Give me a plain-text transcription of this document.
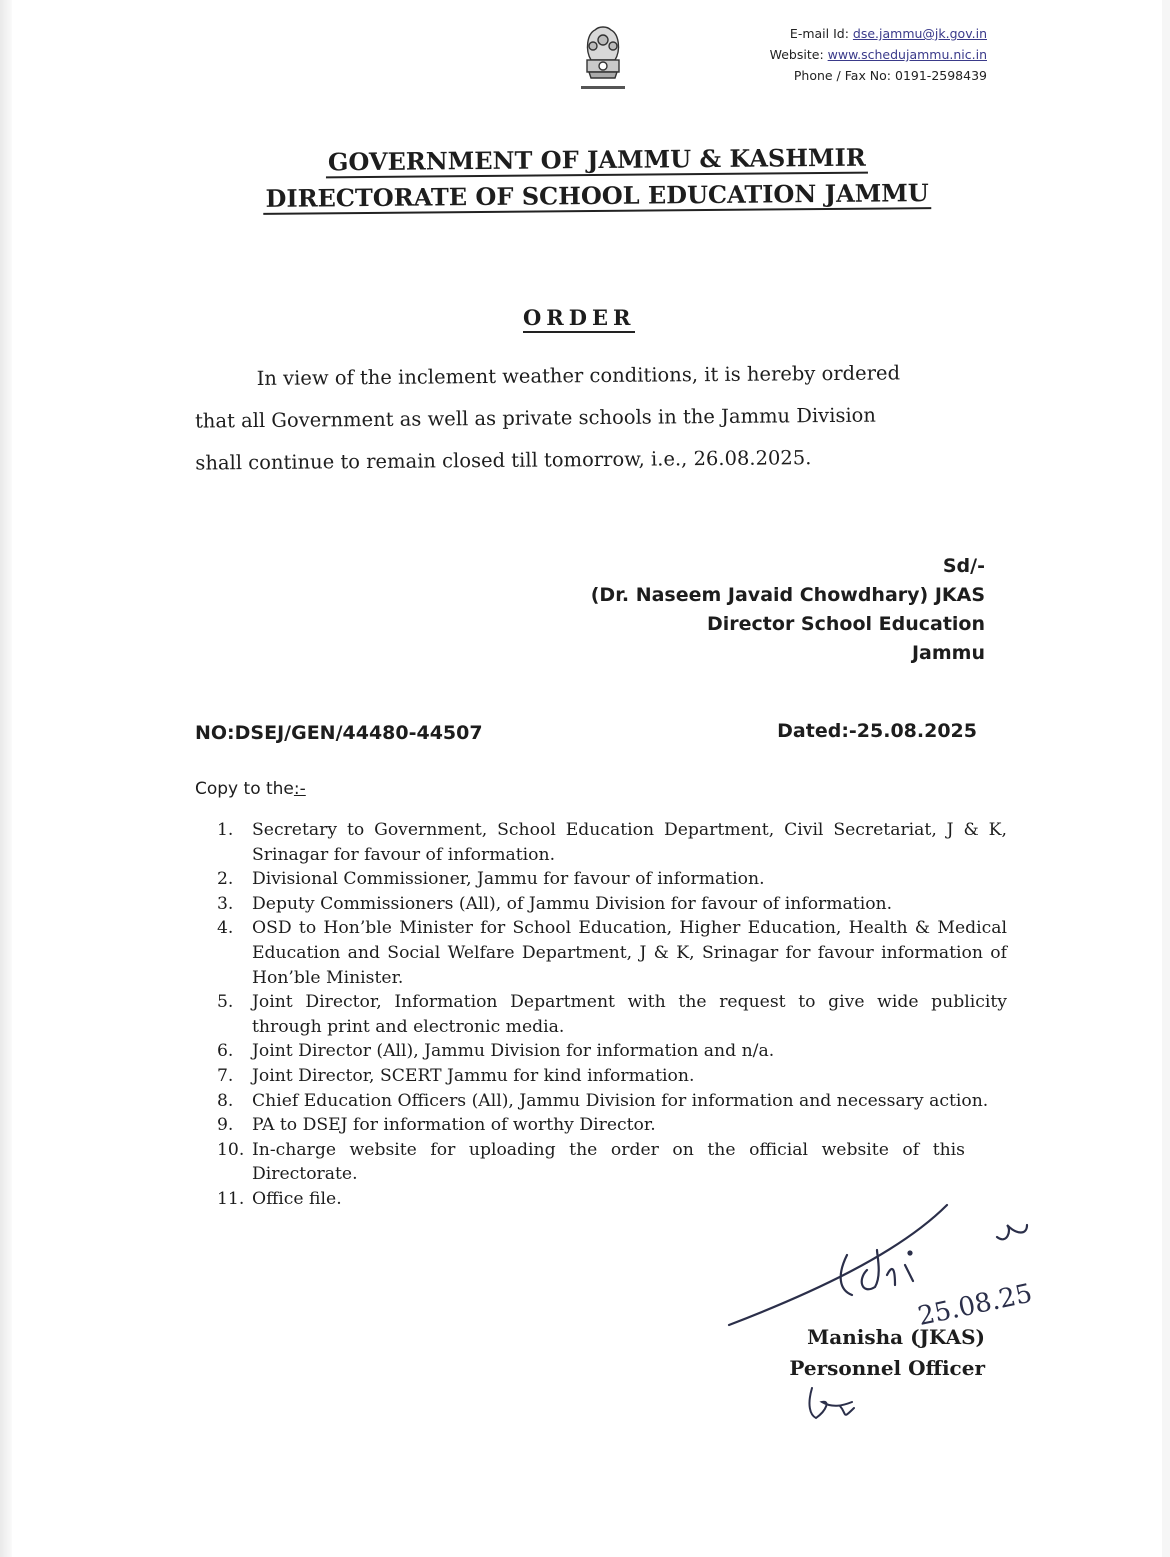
E-mail Id: dse.jammu@jk.gov.in
Website: www.schedujammu.nic.in
Phone / Fax No: 0191-2598439
GOVERNMENT OF JAMMU & KASHMIR
DIRECTORATE OF SCHOOL EDUCATION JAMMU
ORDER
In view of the inclement weather conditions, it is hereby ordered
that all Government as well as private schools in the Jammu Division
shall continue to remain closed till tomorrow, i.e., 26.08.2025.
Sd/-
(Dr. Naseem Javaid Chowdhary) JKAS
Director School Education
Jammu
NO:DSEJ/GEN/44480-44507	Dated:-25.08.2025
Copy to the:-
1.	Secretary to Government, School Education Department, Civil Secretariat, J & K, Srinagar for favour of information.
2.	Divisional Commissioner, Jammu for favour of information.
3.	Deputy Commissioners (All), of Jammu Division for favour of information.
4.	OSD to Hon’ble Minister for School Education, Higher Education, Health & Medical Education and Social Welfare Department, J & K, Srinagar for favour information of Hon’ble Minister.
5.	Joint Director, Information Department with the request to give wide publicity through print and electronic media.
6.	Joint Director (All), Jammu Division for information and n/a.
7.	Joint Director, SCERT Jammu for kind information.
8.	Chief Education Officers (All), Jammu Division for information and necessary action.
9.	PA to DSEJ for information of worthy Director.
10. In-charge website for uploading the order on the official website of this Directorate.
11. Office file.
25.08.25
Manisha (JKAS)
Personnel Officer
